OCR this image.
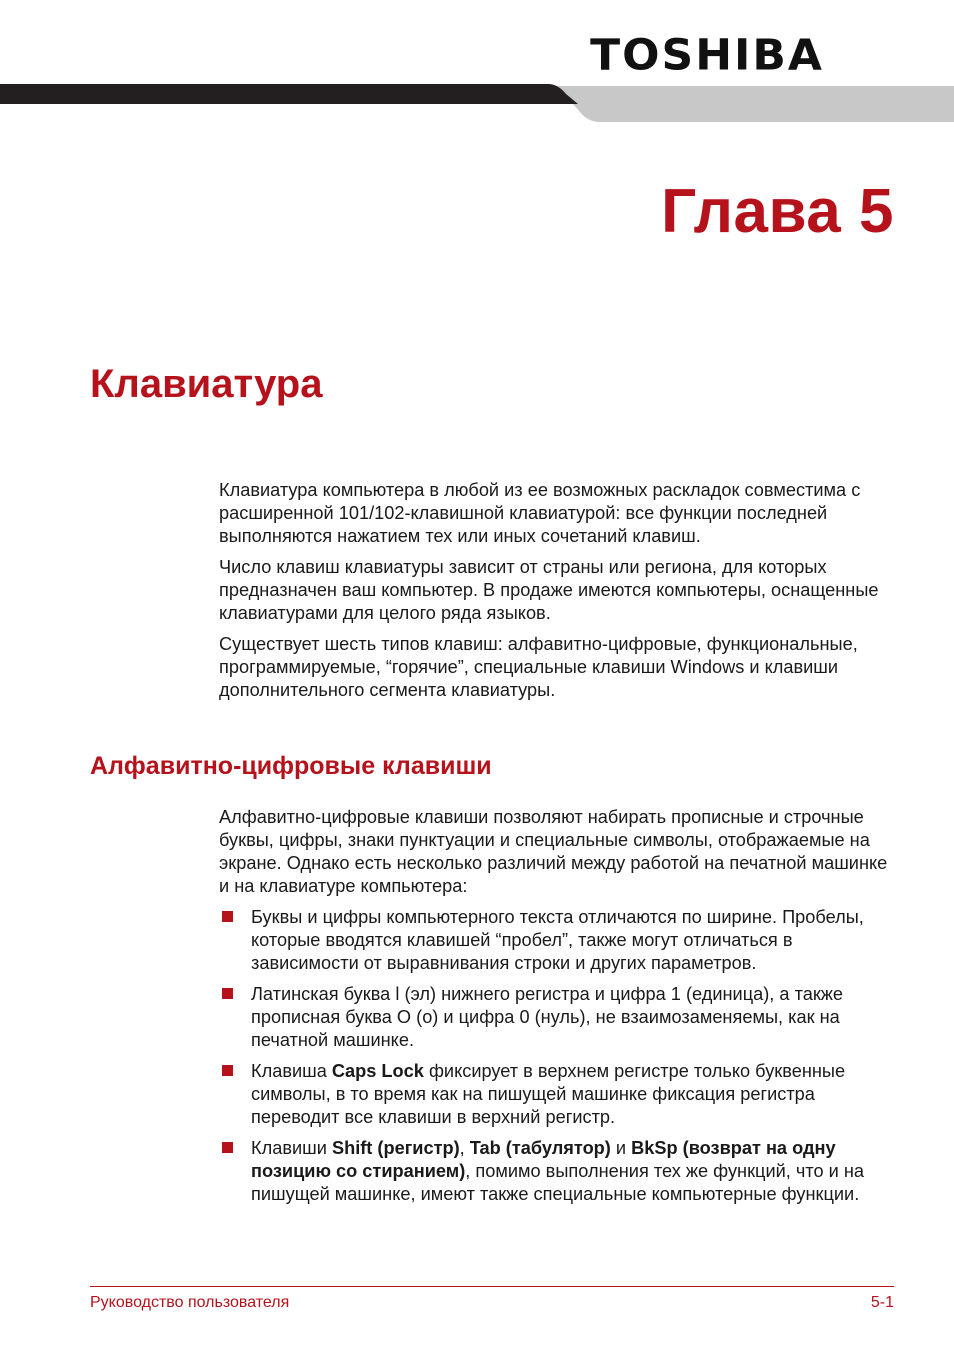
TOSHIBA
Глава 5
Клавиатура

Клавиатура компьютера в любой из ее возможных раскладок совместима с расширенной 101/102-клавишной клавиатурой: все функции последней выполняются нажатием тех или иных сочетаний клавиш.

Число клавиш клавиатуры зависит от страны или региона, для которых предназначен ваш компьютер. В продаже имеются компьютеры, оснащенные клавиатурами для целого ряда языков.

Существует шесть типов клавиш: алфавитно-цифровые, функциональные, программируемые, “горячие”, специальные клавиши Windows и клавиши дополнительного сегмента клавиатуры.

Алфавитно-цифровые клавиши

Алфавитно-цифровые клавиши позволяют набирать прописные и строчные буквы, цифры, знаки пунктуации и специальные символы, отображаемые на экране. Однако есть несколько различий между работой на печатной машинке и на клавиатуре компьютера:

Буквы и цифры компьютерного текста отличаются по ширине. Пробелы, которые вводятся клавишей “пробел”, также могут отличаться в зависимости от выравнивания строки и других параметров.
Латинская буква l (эл) нижнего регистра и цифра 1 (единица), а также прописная буква O (о) и цифра 0 (нуль), не взаимозаменяемы, как на печатной машинке.
Клавиша Caps Lock фиксирует в верхнем регистре только буквенные символы, в то время как на пишущей машинке фиксация регистра переводит все клавиши в верхний регистр.
Клавиши Shift (регистр), Tab (табулятор) и BkSp (возврат на одну позицию со стиранием), помимо выполнения тех же функций, что и на пишущей машинке, имеют также специальные компьютерные функции.
Руководство пользователя	5-1
